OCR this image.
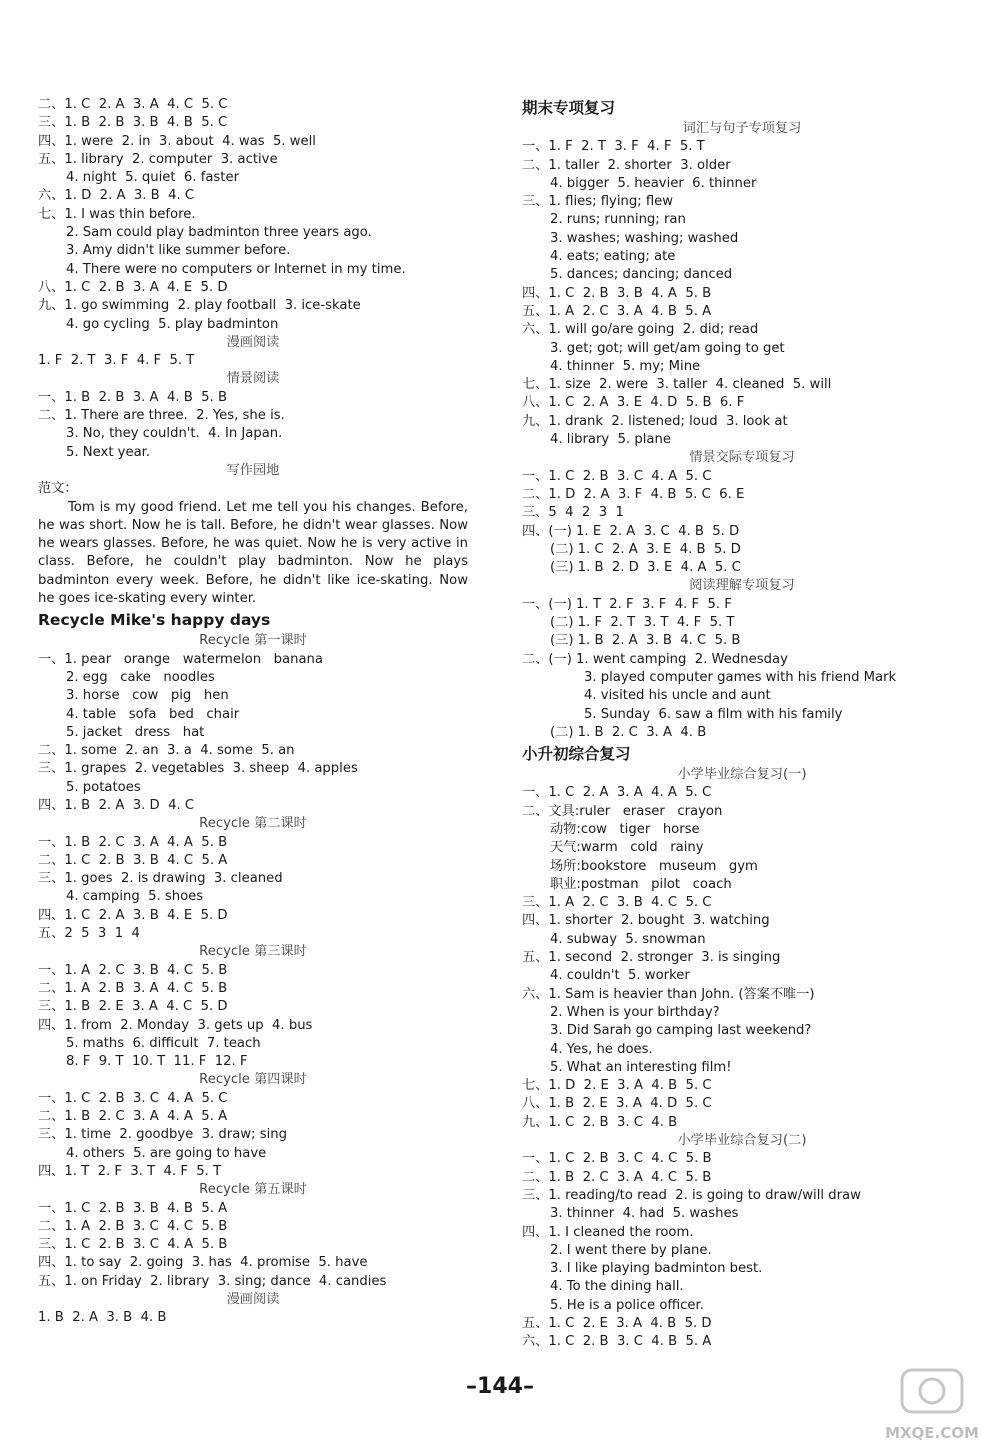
二、1. C  2. A  3. A  4. C  5. C
三、1. B  2. B  3. B  4. B  5. C
四、1. were  2. in  3. about  4. was  5. well
五、1. library  2. computer  3. active
4. night  5. quiet  6. faster
六、1. D  2. A  3. B  4. C
七、1. I was thin before.
2. Sam could play badminton three years ago.
3. Amy didn't like summer before.
4. There were no computers or Internet in my time.
八、1. C  2. B  3. A  4. E  5. D
九、1. go swimming  2. play football  3. ice-skate
4. go cycling  5. play badminton
漫画阅读
1. F  2. T  3. F  4. F  5. T
情景阅读
一、1. B  2. B  3. A  4. B  5. B
二、1. There are three.  2. Yes, she is.
3. No, they couldn't.  4. In Japan.
5. Next year.
写作园地
范文：

Tom is my good friend. Let me tell you his changes. Before, he was short. Now he is tall. Before, he didn't wear glasses. Now he wears glasses. Before, he was quiet. Now he is very active in class. Before, he couldn't play badminton. Now he plays badminton every week. Before, he didn't like ice-skating. Now he goes ice-skating every winter.

Recycle Mike's happy days
Recycle 第一课时
一、1. pear   orange   watermelon   banana
2. egg   cake   noodles
3. horse   cow   pig   hen
4. table   sofa   bed   chair
5. jacket   dress   hat
二、1. some  2. an  3. a  4. some  5. an
三、1. grapes  2. vegetables  3. sheep  4. apples
5. potatoes
四、1. B  2. A  3. D  4. C
Recycle 第二课时
一、1. B  2. C  3. A  4. A  5. B
二、1. C  2. B  3. B  4. C  5. A
三、1. goes  2. is drawing  3. cleaned
4. camping  5. shoes
四、1. C  2. A  3. B  4. E  5. D
五、2  5  3  1  4
Recycle 第三课时
一、1. A  2. C  3. B  4. C  5. B
二、1. A  2. B  3. A  4. C  5. B
三、1. B  2. E  3. A  4. C  5. D
四、1. from  2. Monday  3. gets up  4. bus
5. maths  6. difficult  7. teach
8. F  9. T  10. T  11. F  12. F
Recycle 第四课时
一、1. C  2. B  3. C  4. A  5. C
二、1. B  2. C  3. A  4. A  5. A
三、1. time  2. goodbye  3. draw; sing
4. others  5. are going to have
四、1. T  2. F  3. T  4. F  5. T
Recycle 第五课时
一、1. C  2. B  3. B  4. B  5. A
二、1. A  2. B  3. C  4. C  5. B
三、1. C  2. B  3. C  4. A  5. B
四、1. to say  2. going  3. has  4. promise  5. have
五、1. on Friday  2. library  3. sing; dance  4. candies
漫画阅读
1. B  2. A  3. B  4. B
期末专项复习
词汇与句子专项复习
一、1. F  2. T  3. F  4. F  5. T
二、1. taller  2. shorter  3. older
4. bigger  5. heavier  6. thinner
三、1. flies; flying; flew
2. runs; running; ran
3. washes; washing; washed
4. eats; eating; ate
5. dances; dancing; danced
四、1. C  2. B  3. B  4. A  5. B
五、1. A  2. C  3. A  4. B  5. A
六、1. will go/are going  2. did; read
3. get; got; will get/am going to get
4. thinner  5. my; Mine
七、1. size  2. were  3. taller  4. cleaned  5. will
八、1. C  2. A  3. E  4. D  5. B  6. F
九、1. drank  2. listened; loud  3. look at
4. library  5. plane
情景交际专项复习
一、1. C  2. B  3. C  4. A  5. C
二、1. D  2. A  3. F  4. B  5. C  6. E
三、5  4  2  3  1
四、(一) 1. E  2. A  3. C  4. B  5. D
(二) 1. C  2. A  3. E  4. B  5. D
(三) 1. B  2. D  3. E  4. A  5. C
阅读理解专项复习
一、(一) 1. T  2. F  3. F  4. F  5. F
(二) 1. F  2. T  3. T  4. F  5. T
(三) 1. B  2. A  3. B  4. C  5. B
二、(一) 1. went camping  2. Wednesday
3. played computer games with his friend Mark
4. visited his uncle and aunt
5. Sunday  6. saw a film with his family
(二) 1. B  2. C  3. A  4. B
小升初综合复习
小学毕业综合复习(一)
一、1. C  2. A  3. A  4. A  5. C
二、文具:ruler   eraser   crayon
动物:cow   tiger   horse
天气:warm   cold   rainy
场所:bookstore   museum   gym
职业:postman   pilot   coach
三、1. A  2. C  3. B  4. C  5. C
四、1. shorter  2. bought  3. watching
4. subway  5. snowman
五、1. second  2. stronger  3. is singing
4. couldn't  5. worker
六、1. Sam is heavier than John. (答案不唯一)
2. When is your birthday?
3. Did Sarah go camping last weekend?
4. Yes, he does.
5. What an interesting film!
七、1. D  2. E  3. A  4. B  5. C
八、1. B  2. E  3. A  4. D  5. C
九、1. C  2. B  3. C  4. B
小学毕业综合复习(二)
一、1. C  2. B  3. C  4. C  5. B
二、1. B  2. C  3. A  4. C  5. B
三、1. reading/to read  2. is going to draw/will draw
3. thinner  4. had  5. washes
四、1. I cleaned the room.
2. I went there by plane.
3. I like playing badminton best.
4. To the dining hall.
5. He is a police officer.
五、1. C  2. E  3. A  4. B  5. D
六、1. C  2. B  3. C  4. B  5. A
–144–
MXQE.COM
